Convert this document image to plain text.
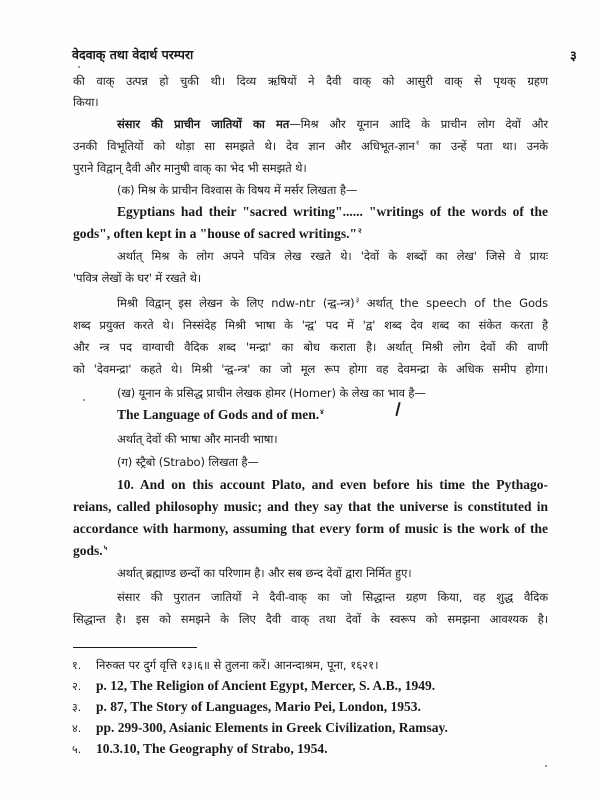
वेदवाक् तथा वेदार्थ परम्परा	३
की वाक् उत्पन्न हो चुकी थी। दिव्य ऋषियों ने दैवी वाक् को आसुरी वाक् से पृथक् ग्रहण
किया।
संसार की प्राचीन जातियों का मत—मिश्र और यूनान आदि के प्राचीन लोग देवों और
उनकी विभूतियों को थोड़ा सा समझते थे। देव ज्ञान और अधिभूत-ज्ञान$^१$ का उन्हें पता था। उनके
पुराने विद्वान् दैवी और मानुषी वाक् का भेद भी समझते थे।
(क) मिश्र के प्राचीन विश्वास के विषय में मर्सर लिखता है—
Egyptians had their "sacred writing"...... "writings of the words of the
gods", often kept in a "house of sacred writings."$^२$
अर्थात् मिश्र के लोग अपने पवित्र लेख रखते थे। 'देवों के शब्दों का लेख' जिसे वे प्रायः
'पवित्र लेखों के घर' में रखते थे।
मिश्री विद्वान् इस लेखन के लिए ndw-ntr (न्द्व-न्त्र)$^३$ अर्थात् the speech of the Gods
शब्द प्रयुक्त करते थे। निस्संदेह मिश्री भाषा के 'न्द्व' पद में 'द्व' शब्द देव शब्द का संकेत करता है
और न्त्र पद वाग्वाची वैदिक शब्द 'मन्द्रा' का बोध कराता है। अर्थात् मिश्री लोग देवों की वाणी
को 'देवमन्द्रा' कहते थे। मिश्री 'न्द्व-न्त्र' का जो मूल रूप होगा वह देवमन्द्रा के अधिक समीप होगा।
(ख) यूनान के प्रसिद्ध प्राचीन लेखक होमर (Homer) के लेख का भाव है—
The Language of Gods and of men.$^४$
अर्थात् देवों की भाषा और मानवी भाषा।
(ग) स्ट्रैबो (Strabo) लिखता है—
10. And on this account Plato, and even before his time the Pythago-
reians, called philosophy music; and they say that the universe is constituted in
accordance with harmony, assuming that every form of music is the work of the
gods.$^५$
अर्थात् ब्रह्माण्ड छन्दों का परिणाम है। और सब छन्द देवों द्वारा निर्मित हुए।
संसार की पुरातन जातियों ने दैवी-वाक् का जो सिद्धान्त ग्रहण किया, वह शुद्ध वैदिक
सिद्धान्त है। इस को समझने के लिए दैवी वाक् तथा देवों के स्वरूप को समझना आवश्यक है।
१. निरुक्त पर दुर्ग वृत्ति १३।६॥ से तुलना करें। आनन्दाश्रम, पूना, १६२१।
२. p. 12, The Religion of Ancient Egypt, Mercer, S. A.B., 1949.
३. p. 87, The Story of Languages, Mario Pei, London, 1953.
४. pp. 299-300, Asianic Elements in Greek Civilization, Ramsay.
५. 10.3.10, The Geography of Strabo, 1954.
